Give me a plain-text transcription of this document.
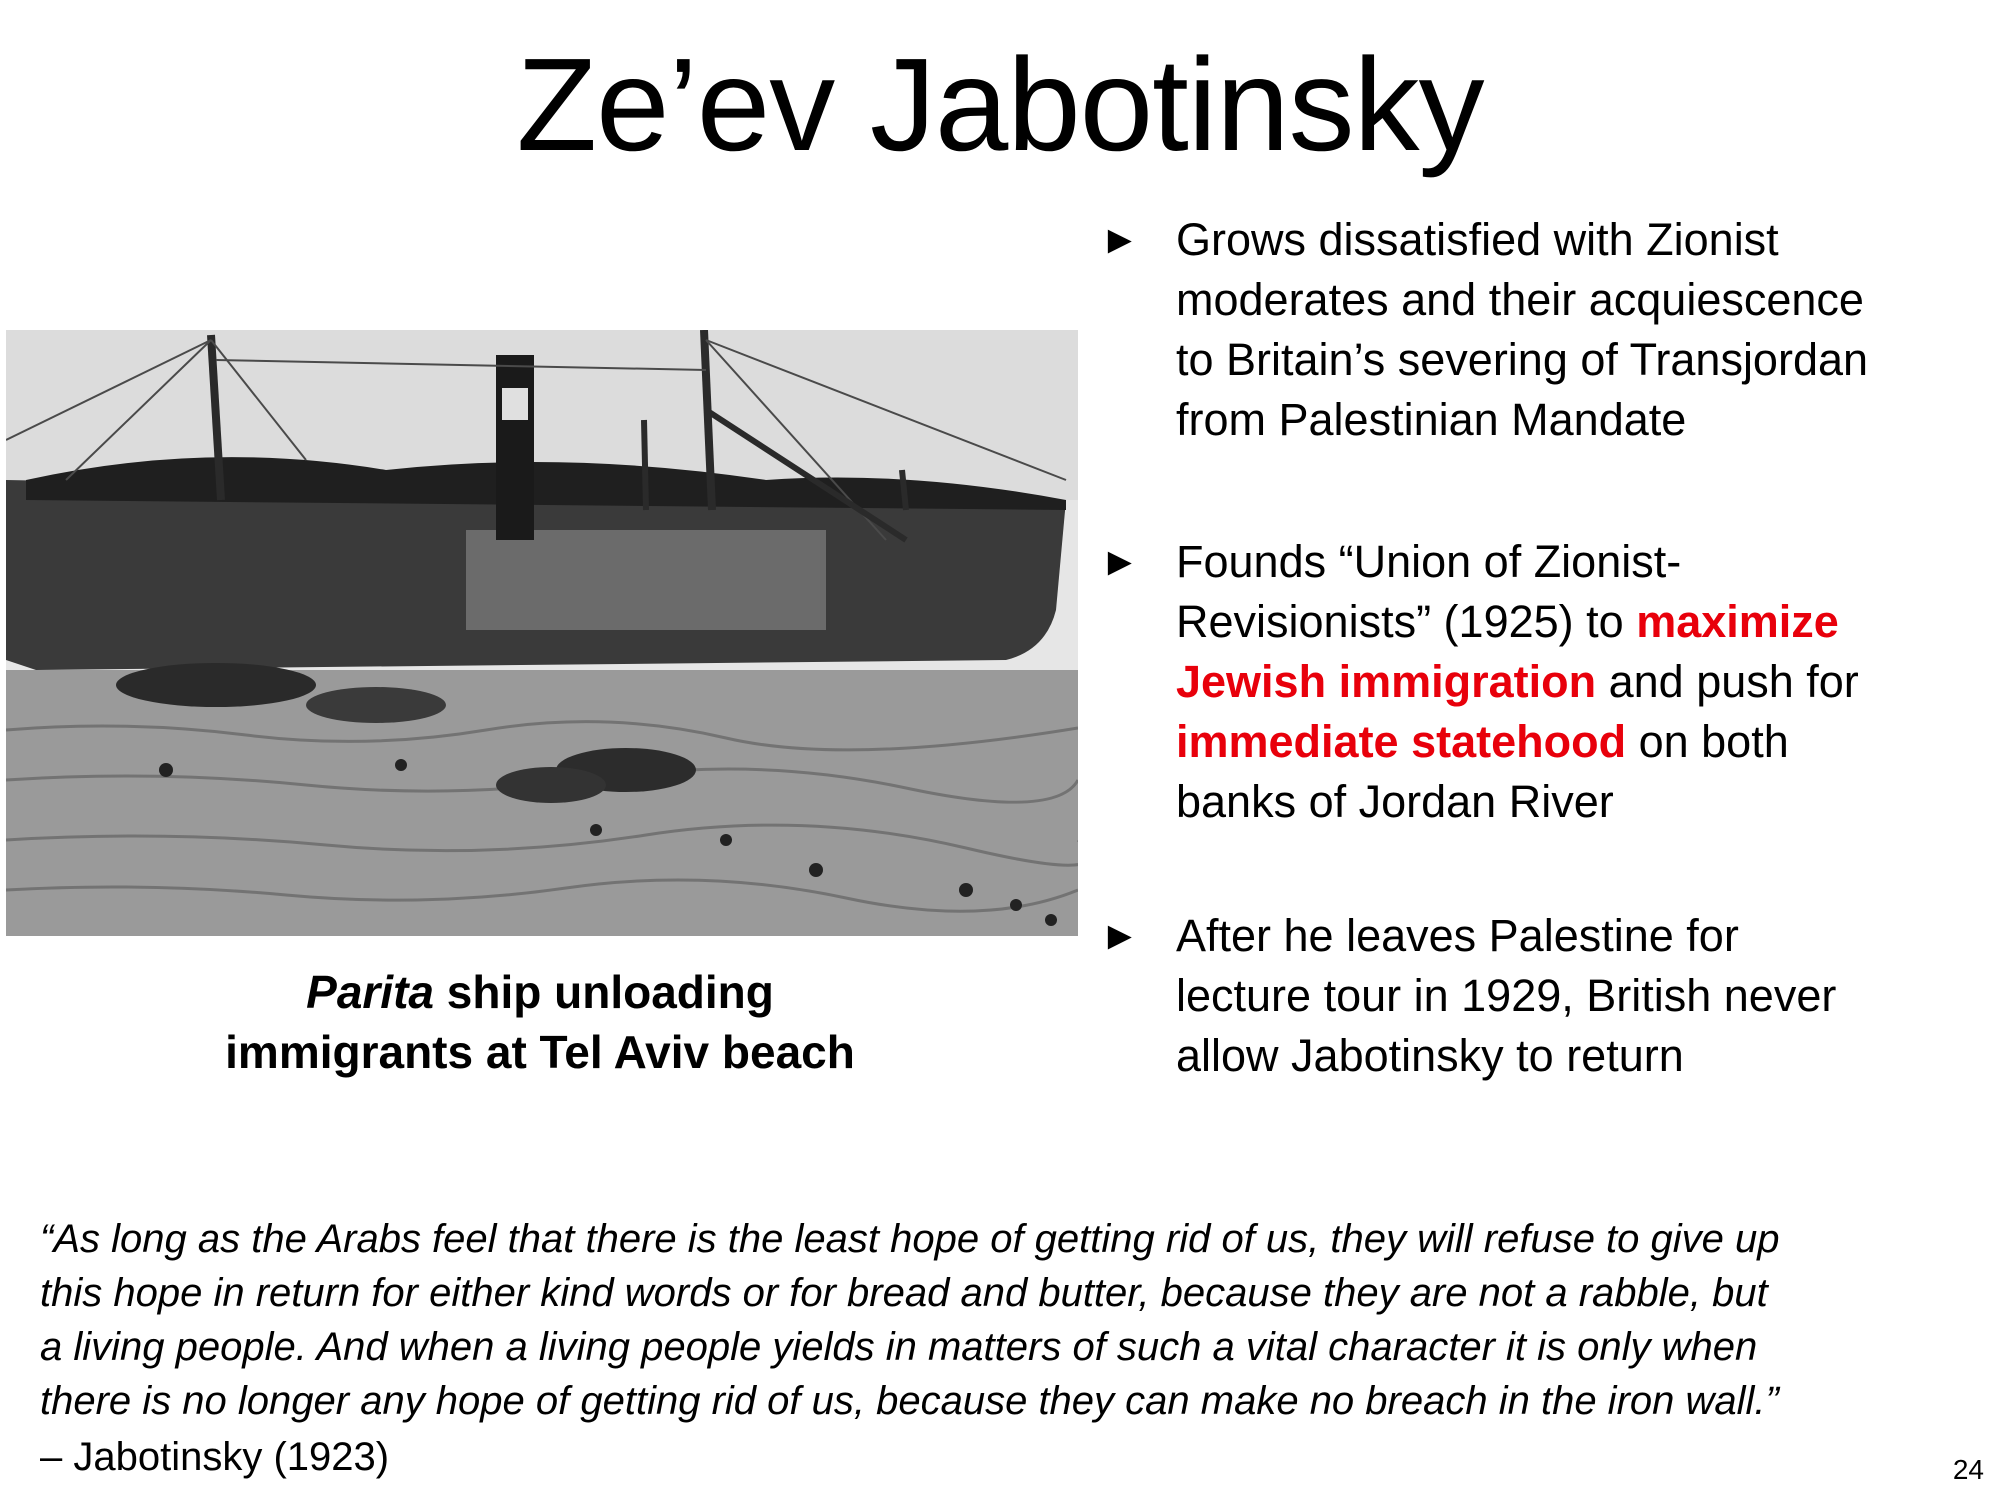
Ze’ev Jabotinsky
Parita ship unloading
immigrants at Tel Aviv beach
► Grows dissatisfied with Zionist
moderates and their acquiescence
to Britain’s severing of Transjordan
from Palestinian Mandate
► Founds “Union of Zionist-
Revisionists” (1925) to maximize
Jewish immigration and push for
immediate statehood on both
banks of Jordan River
► After he leaves Palestine for
lecture tour in 1929, British never
allow Jabotinsky to return
“As long as the Arabs feel that there is the least hope of getting rid of us, they will refuse to give up
this hope in return for either kind words or for bread and butter, because they are not a rabble, but
a living people. And when a living people yields in matters of such a vital character it is only when
there is no longer any hope of getting rid of us, because they can make no breach in the iron wall.”
– Jabotinsky (1923)	24
